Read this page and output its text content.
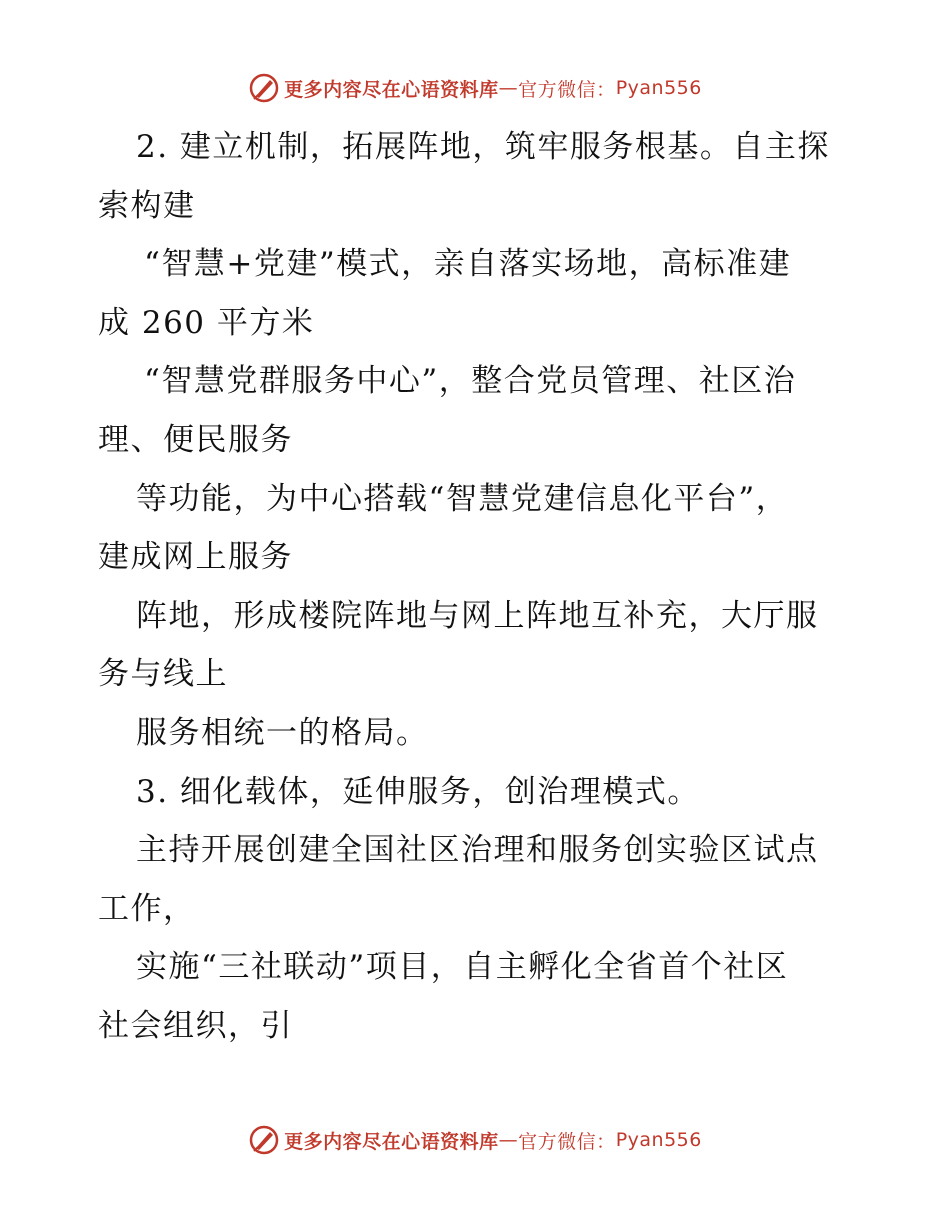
更多内容尽在心语资料库 — 官方微信： Pyan556
2. 建立机制，拓展阵地，筑牢服务根基。自主探
索构建
“智慧+党建”模式，亲自落实场地，高标准建
成 260 平方米
“智慧党群服务中心”，整合党员管理、社区治
理、便民服务
等功能，为中心搭载“智慧党建信息化平台”，
建成网上服务
阵地，形成楼院阵地与网上阵地互补充，大厅服
务与线上
服务相统一的格局。
3. 细化载体，延伸服务，创治理模式。
主持开展创建全国社区治理和服务创实验区试点
工作，
实施“三社联动”项目，自主孵化全省首个社区
社会组织，引
更多内容尽在心语资料库 — 官方微信： Pyan556
